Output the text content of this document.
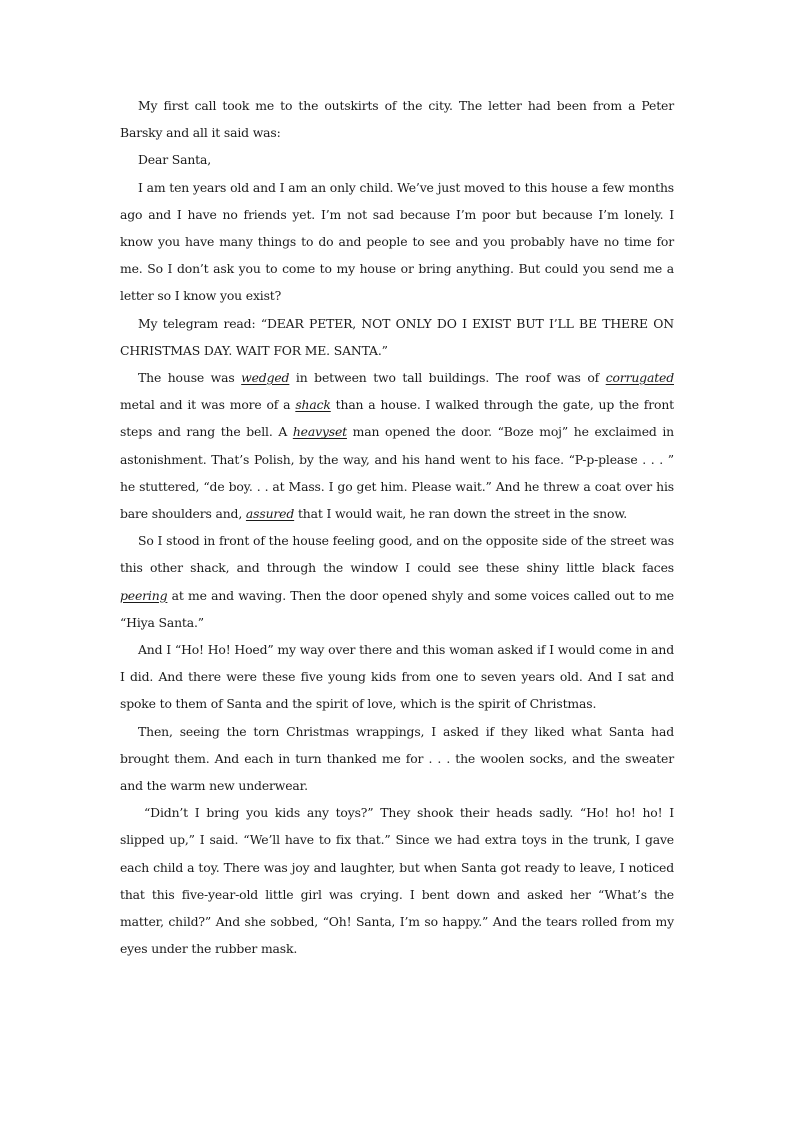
My first call took me to the outskirts of the city. The letter had been from a Peter Barsky and all it said was:

Dear Santa,

I am ten years old and I am an only child. We’ve just moved to this house a few months ago and I have no friends yet. I’m not sad because I’m poor but because I’m lonely. I know you have many things to do and people to see and you probably have no time for me. So I don’t ask you to come to my house or bring anything. But could you send me a letter so I know you exist?

My telegram read: “DEAR PETER, NOT ONLY DO I EXIST BUT I’LL BE THERE ON CHRISTMAS DAY. WAIT FOR ME. SANTA.”

The house was wedged in between two tall buildings. The roof was of corrugated metal and it was more of a shack than a house. I walked through the gate, up the front steps and rang the bell. A heavyset man opened the door. “Boze moj” he exclaimed in astonishment. That’s Polish, by the way, and his hand went to his face. “P-p-please . . . ” he stuttered, “de boy. . . at Mass. I go get him. Please wait.” And he threw a coat over his bare shoulders and, assured that I would wait, he ran down the street in the snow.

So I stood in front of the house feeling good, and on the opposite side of the street was this other shack, and through the window I could see these shiny little black faces peering at me and waving. Then the door opened shyly and some voices called out to me “Hiya Santa.”

And I “Ho! Ho! Hoed” my way over there and this woman asked if I would come in and I did. And there were these five young kids from one to seven years old. And I sat and spoke to them of Santa and the spirit of love, which is the spirit of Christmas.

Then, seeing the torn Christmas wrappings, I asked if they liked what Santa had brought them. And each in turn thanked me for . . . the woolen socks, and the sweater and the warm new underwear.

“Didn’t I bring you kids any toys?” They shook their heads sadly. “Ho! ho! ho! I slipped up,” I said. “We’ll have to fix that.” Since we had extra toys in the trunk, I gave each child a toy. There was joy and laughter, but when Santa got ready to leave, I noticed that this five-year-old little girl was crying. I bent down and asked her “What’s the matter, child?” And she sobbed, “Oh! Santa, I’m so happy.” And the tears rolled from my eyes under the rubber mask.
